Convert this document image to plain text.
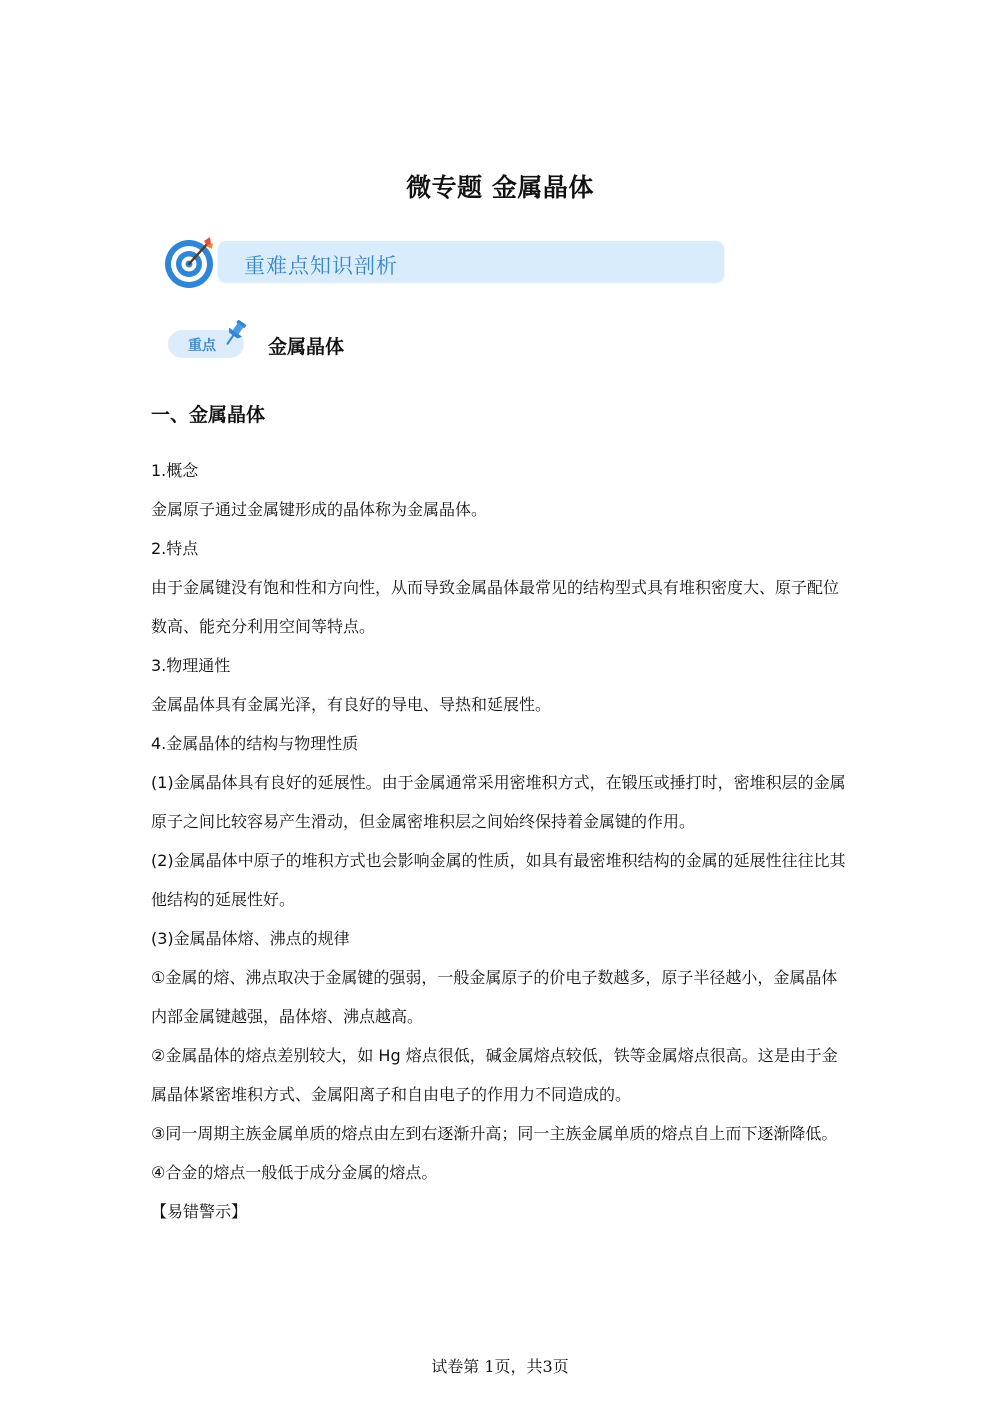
微专题 金属晶体
重难点知识剖析
重点	金属晶体
一、金属晶体

1.概念

金属原子通过金属键形成的晶体称为金属晶体。

2.特点

由于金属键没有饱和性和方向性，从而导致金属晶体最常见的结构型式具有堆积密度大、原子配位数高、能充分利用空间等特点。

3.物理通性

金属晶体具有金属光泽，有良好的导电、导热和延展性。

4.金属晶体的结构与物理性质

(1)金属晶体具有良好的延展性。由于金属通常采用密堆积方式，在锻压或捶打时，密堆积层的金属原子之间比较容易产生滑动，但金属密堆积层之间始终保持着金属键的作用。

(2)金属晶体中原子的堆积方式也会影响金属的性质，如具有最密堆积结构的金属的延展性往往比其他结构的延展性好。

(3)金属晶体熔、沸点的规律

①金属的熔、沸点取决于金属键的强弱，一般金属原子的价电子数越多，原子半径越小，金属晶体内部金属键越强，晶体熔、沸点越高。

②金属晶体的熔点差别较大，如 Hg 熔点很低，碱金属熔点较低，铁等金属熔点很高。这是由于金属晶体紧密堆积方式、金属阳离子和自由电子的作用力不同造成的。

③同一周期主族金属单质的熔点由左到右逐渐升高；同一主族金属单质的熔点自上而下逐渐降低。

④合金的熔点一般低于成分金属的熔点。

【易错警示】

试卷第 1页，共3页
